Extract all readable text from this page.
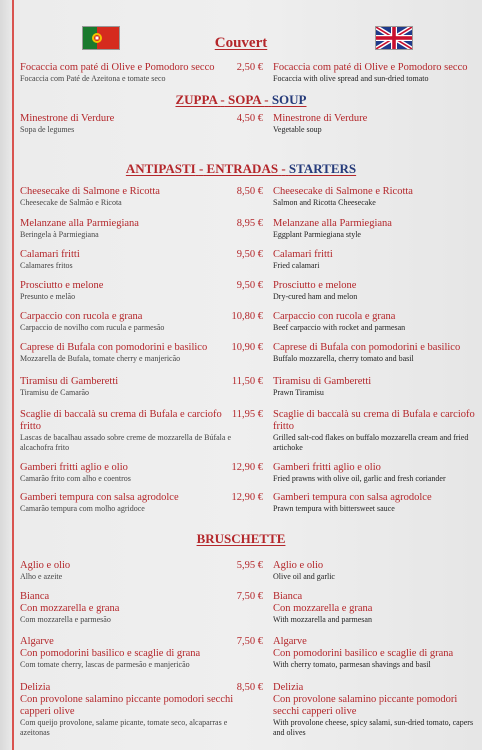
Couvert
ZUPPA - SOPA - SOUP
ANTIPASTI - ENTRADAS - STARTERS
BRUSCHETTE
Focaccia com paté di Olive e Pomodoro secco
Focaccia com Paté de Azeitona e tomate seco
2,50 € Focaccia com paté di Olive e Pomodoro secco
Focaccia with olive spread and sun-dried tomato
Minestrone di Verdure
Sopa de legumes
4,50 € Minestrone di Verdure
Vegetable soup
Cheesecake di Salmone e Ricotta
Cheesecake de Salmão e Ricota
8,50 € Cheesecake di Salmone e Ricotta
Salmon and Ricotta Cheesecake
Melanzane alla Parmiegiana
Beringela à Parmiegiana
8,95 € Melanzane alla Parmiegiana
Eggplant Parmiegiana style
Calamari fritti
Calamares fritos
9,50 € Calamari fritti
Fried calamari
Prosciutto e melone
Presunto e melão
9,50 € Prosciutto e melone
Dry-cured ham and melon
Carpaccio con rucola e grana
Carpaccio de novilho com rucula e parmesão
10,80 € Carpaccio con rucola e grana
Beef carpaccio with rocket and parmesan
Caprese di Bufala con pomodorini e basilico
Mozzarella de Bufala, tomate cherry e manjericão
10,90 € Caprese di Bufala con pomodorini e basilico
Buffalo mozzarella, cherry tomato and basil
Tiramisu di Gamberetti
Tiramisu de Camarão
11,50 € Tiramisu di Gamberetti
Prawn Tiramisu
Scaglie di baccalà su crema di Bufala e carciofo fritto
Lascas de bacalhau assado sobre creme de mozzarella de Búfala e alcachofra frito
11,95 € Scaglie di baccalà su crema di Bufala e carciofo fritto
Grilled salt-cod flakes on buffalo mozzarella cream and fried artichoke
Gamberi fritti aglio e olio
Camarão frito com alho e coentros
12,90 € Gamberi fritti aglio e olio
Fried prawns with olive oil, garlic and fresh coriander
Gamberi tempura con salsa agrodolce
Camarão tempura com molho agridoce
12,90 € Gamberi tempura con salsa agrodolce
Prawn tempura with bittersweet sauce
Aglio e olio
Alho e azeite
5,95 € Aglio e olio
Olive oil and garlic
Bianca
Con mozzarella e grana
Com mozzarella e parmesão
7,50 € Bianca
Con mozzarella e grana
With mozzarella and parmesan
Algarve
Con pomodorini basilico e scaglie di grana
Com tomate cherry, lascas de parmesão e manjericão
7,50 € Algarve
Con pomodorini basilico e scaglie di grana
With cherry tomato, parmesan shavings and basil
Delizia
Con provolone salamino piccante pomodori secchi capperi olive
Com queijo provolone, salame picante, tomate seco, alcaparras e azeitonas
8,50 € Delizia
Con provolone salamino piccante pomodori secchi capperi olive
With provolone cheese, spicy salami, sun-dried tomato, capers and olives
